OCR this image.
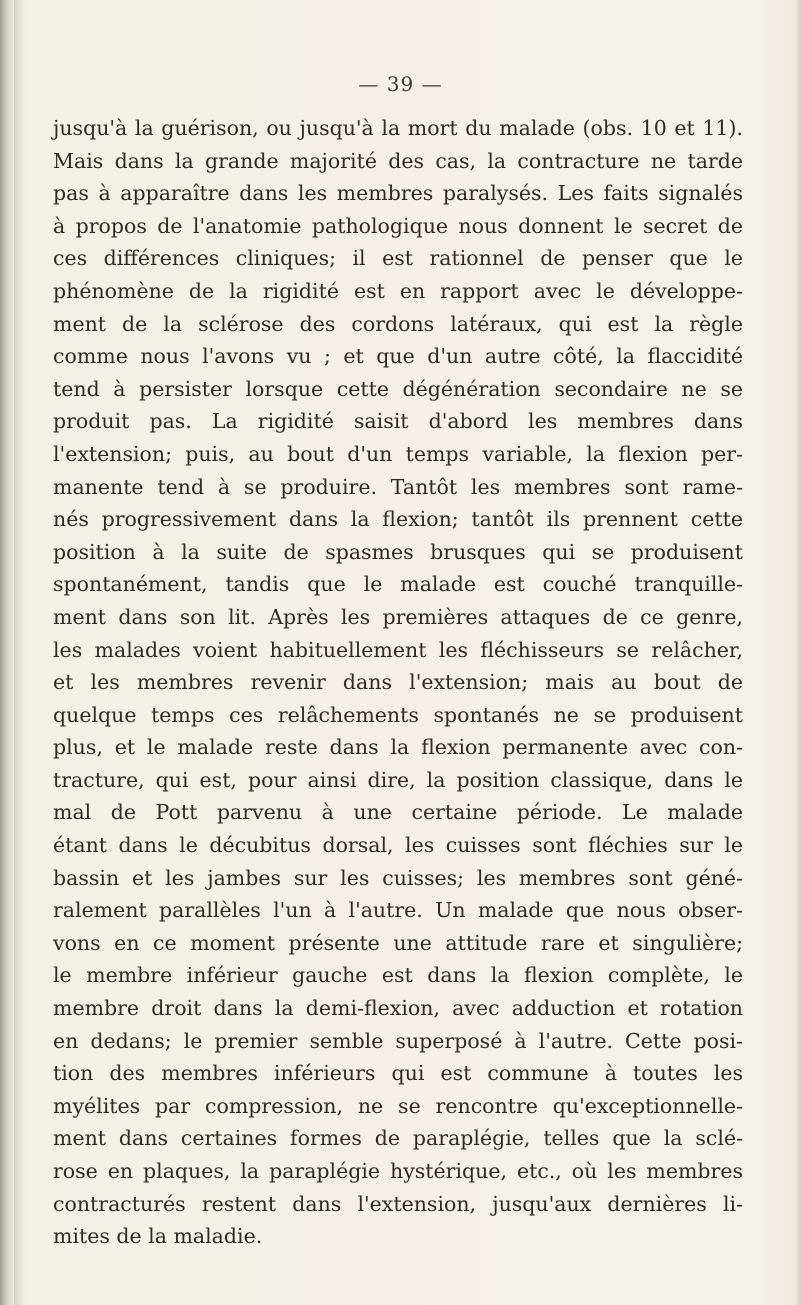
— 39 —
jusqu'à la guérison, ou jusqu'à la mort du malade (obs. 10 et 11).
Mais dans la grande majorité des cas, la contracture ne tarde
pas à apparaître dans les membres paralysés. Les faits signalés
à propos de l'anatomie pathologique nous donnent le secret de
ces différences cliniques; il est rationnel de penser que le
phénomène de la rigidité est en rapport avec le développe-
ment de la sclérose des cordons latéraux, qui est la règle
comme nous l'avons vu ; et que d'un autre côté, la flaccidité
tend à persister lorsque cette dégénération secondaire ne se
produit pas. La rigidité saisit d'abord les membres dans
l'extension; puis, au bout d'un temps variable, la flexion per-
manente tend à se produire. Tantôt les membres sont rame-
nés progressivement dans la flexion; tantôt ils prennent cette
position à la suite de spasmes brusques qui se produisent
spontanément, tandis que le malade est couché tranquille-
ment dans son lit. Après les premières attaques de ce genre,
les malades voient habituellement les fléchisseurs se relâcher,
et les membres revenir dans l'extension; mais au bout de
quelque temps ces relâchements spontanés ne se produisent
plus, et le malade reste dans la flexion permanente avec con-
tracture, qui est, pour ainsi dire, la position classique, dans le
mal de Pott parvenu à une certaine période. Le malade
étant dans le décubitus dorsal, les cuisses sont fléchies sur le
bassin et les jambes sur les cuisses; les membres sont géné-
ralement parallèles l'un à l'autre. Un malade que nous obser-
vons en ce moment présente une attitude rare et singulière;
le membre inférieur gauche est dans la flexion complète, le
membre droit dans la demi-flexion, avec adduction et rotation
en dedans; le premier semble superposé à l'autre. Cette posi-
tion des membres inférieurs qui est commune à toutes les
myélites par compression, ne se rencontre qu'exceptionnelle-
ment dans certaines formes de paraplégie, telles que la sclé-
rose en plaques, la paraplégie hystérique, etc., où les membres
contracturés restent dans l'extension, jusqu'aux dernières li-
mites de la maladie.
